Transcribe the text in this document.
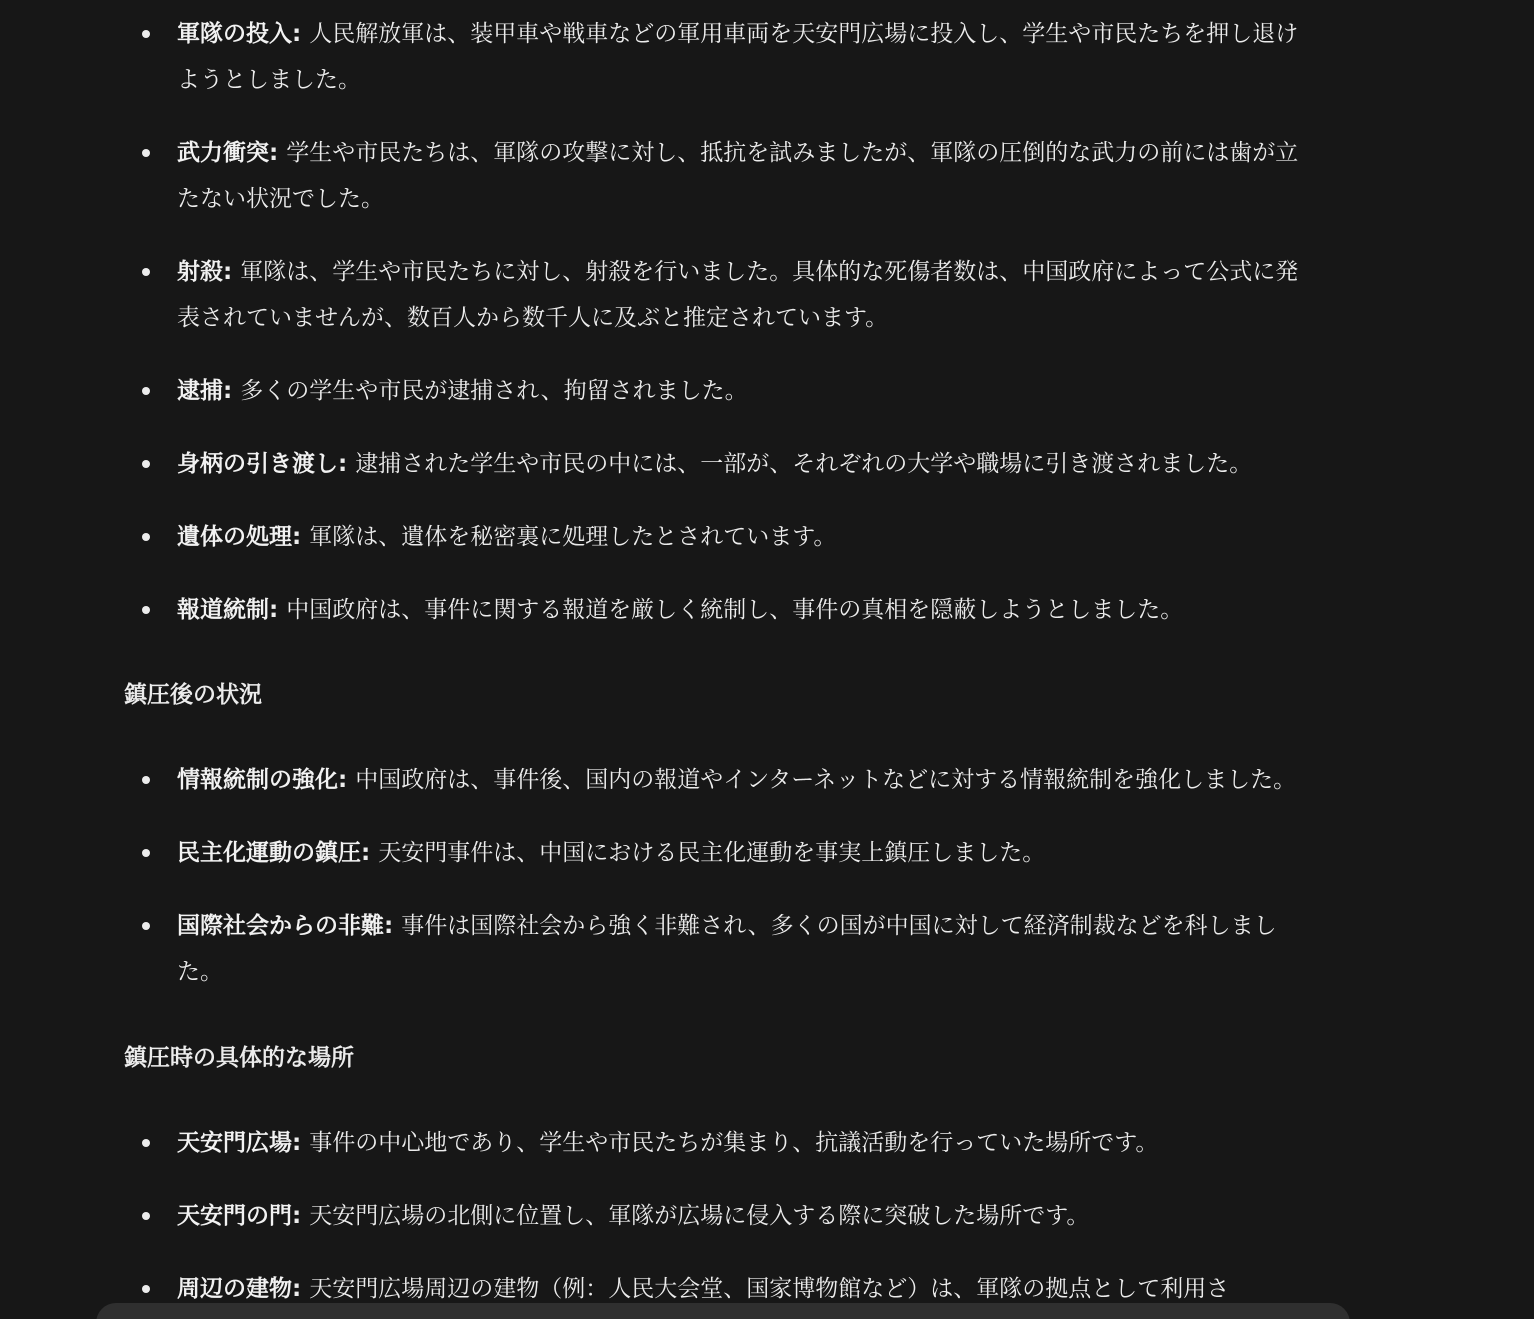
軍隊の投入: 人民解放軍は、装甲車や戦車などの軍用車両を天安門広場に投入し、学生や市民たちを押し退けようとしました。
武力衝突: 学生や市民たちは、軍隊の攻撃に対し、抵抗を試みましたが、軍隊の圧倒的な武力の前には歯が立たない状況でした。
射殺: 軍隊は、学生や市民たちに対し、射殺を行いました。具体的な死傷者数は、中国政府によって公式に発表されていませんが、数百人から数千人に及ぶと推定されています。
逮捕: 多くの学生や市民が逮捕され、拘留されました。
身柄の引き渡し: 逮捕された学生や市民の中には、一部が、それぞれの大学や職場に引き渡されました。
遺体の処理: 軍隊は、遺体を秘密裏に処理したとされています。
報道統制: 中国政府は、事件に関する報道を厳しく統制し、事件の真相を隠蔽しようとしました。
鎮圧後の状況
情報統制の強化: 中国政府は、事件後、国内の報道やインターネットなどに対する情報統制を強化しました。
民主化運動の鎮圧: 天安門事件は、中国における民主化運動を事実上鎮圧しました。
国際社会からの非難: 事件は国際社会から強く非難され、多くの国が中国に対して経済制裁などを科しました。
鎮圧時の具体的な場所
天安門広場: 事件の中心地であり、学生や市民たちが集まり、抗議活動を行っていた場所です。
天安門の門: 天安門広場の北側に位置し、軍隊が広場に侵入する際に突破した場所です。
周辺の建物: 天安門広場周辺の建物（例：人民大会堂、国家博物館など）は、軍隊の拠点として利用さ
